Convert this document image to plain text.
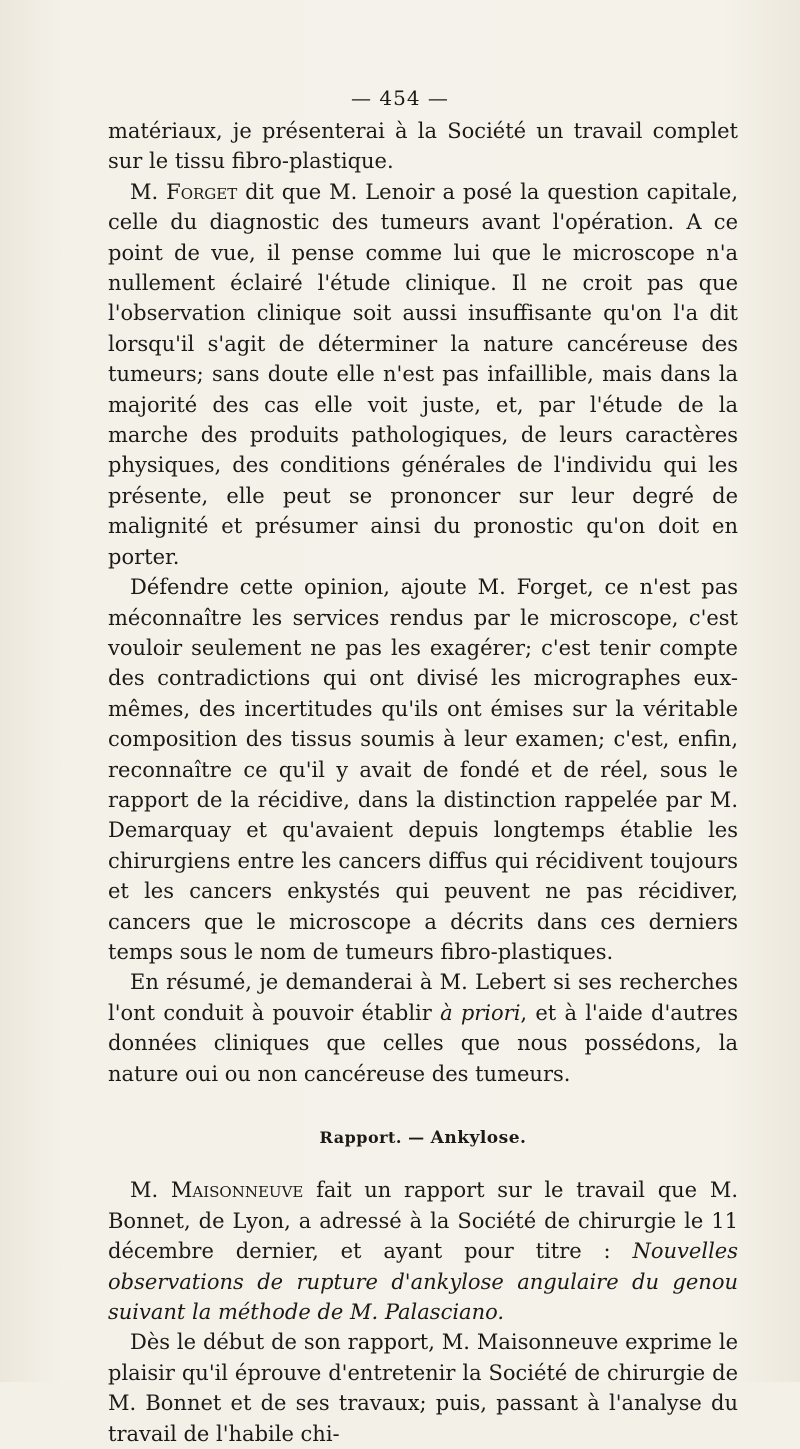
— 454 —

matériaux, je présenterai à la Société un travail complet sur le tissu fibro-plastique.

M. Forget dit que M. Lenoir a posé la question capitale, celle du diagnostic des tumeurs avant l'opération. A ce point de vue, il pense comme lui que le microscope n'a nullement éclairé l'étude clinique. Il ne croit pas que l'observation clinique soit aussi insuffisante qu'on l'a dit lorsqu'il s'agit de déterminer la nature cancéreuse des tumeurs; sans doute elle n'est pas infaillible, mais dans la majorité des cas elle voit juste, et, par l'étude de la marche des produits pathologiques, de leurs caractères physiques, des conditions générales de l'individu qui les présente, elle peut se prononcer sur leur degré de malignité et présumer ainsi du pronostic qu'on doit en porter.

Défendre cette opinion, ajoute M. Forget, ce n'est pas méconnaître les services rendus par le microscope, c'est vouloir seulement ne pas les exagérer; c'est tenir compte des contradictions qui ont divisé les micrographes eux-mêmes, des incertitudes qu'ils ont émises sur la véritable composition des tissus soumis à leur examen; c'est, enfin, reconnaître ce qu'il y avait de fondé et de réel, sous le rapport de la récidive, dans la distinction rappelée par M. Demarquay et qu'avaient depuis longtemps établie les chirurgiens entre les cancers diffus qui récidivent toujours et les cancers enkystés qui peuvent ne pas récidiver, cancers que le microscope a décrits dans ces derniers temps sous le nom de tumeurs fibro-plastiques.

En résumé, je demanderai à M. Lebert si ses recherches l'ont conduit à pouvoir établir à priori, et à l'aide d'autres données cliniques que celles que nous possédons, la nature oui ou non cancéreuse des tumeurs.

Rapport. — Ankylose.

M. Maisonneuve fait un rapport sur le travail que M. Bonnet, de Lyon, a adressé à la Société de chirurgie le 11 décembre dernier, et ayant pour titre : Nouvelles observations de rupture d'ankylose angulaire du genou suivant la méthode de M. Palasciano.

Dès le début de son rapport, M. Maisonneuve exprime le plaisir qu'il éprouve d'entretenir la Société de chirurgie de M. Bonnet et de ses travaux; puis, passant à l'analyse du travail de l'habile chi-
